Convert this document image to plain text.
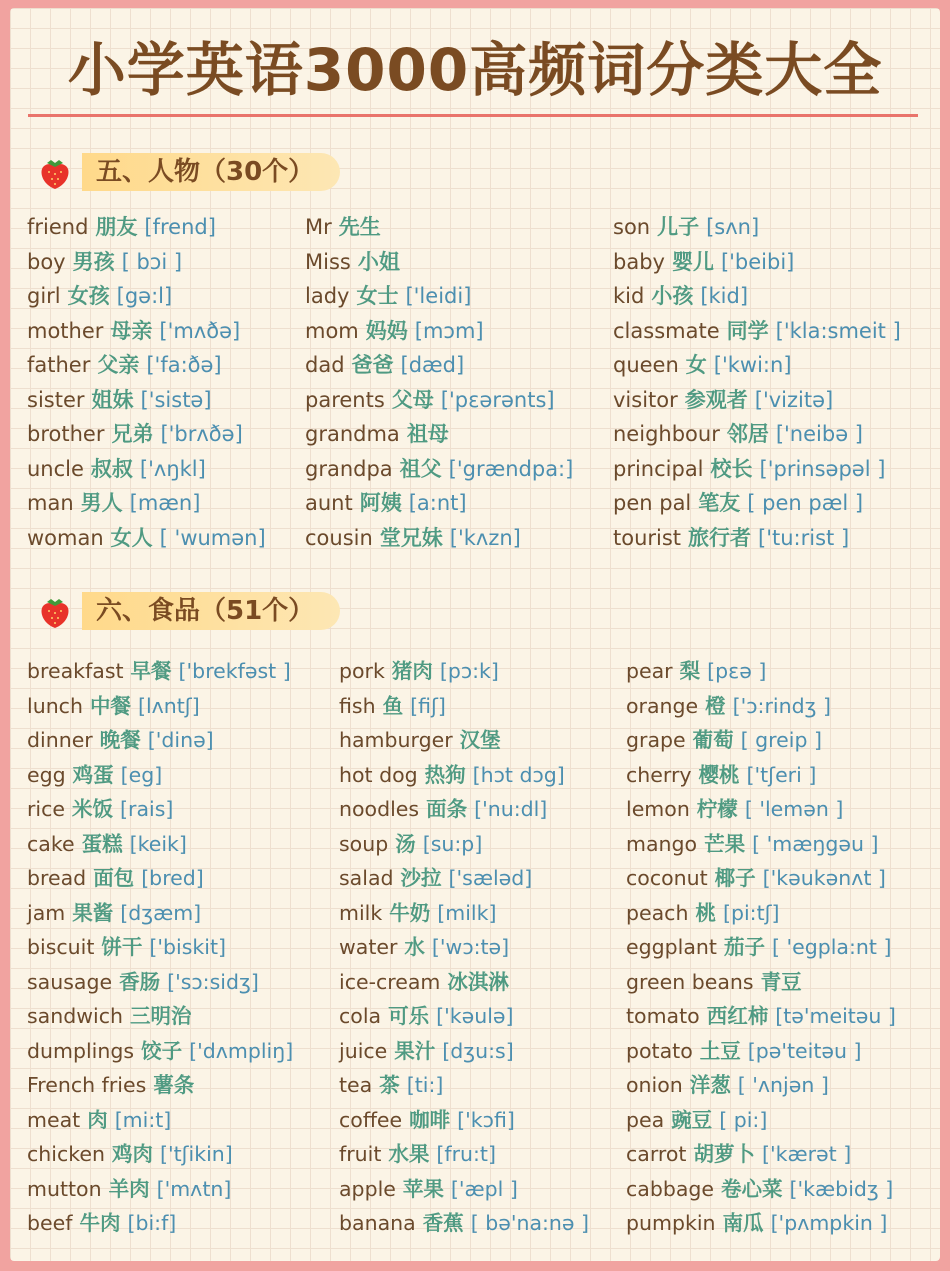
小学英语3000高频词分类大全
五、人物（30个）
friend 朋友 [frend]
boy 男孩 [ bɔi ]
girl 女孩 [gə:l]
mother 母亲 ['mʌðə]
father 父亲 ['fa:ðə]
sister 姐妹 ['sistə]
brother 兄弟 ['brʌðə]
uncle 叔叔 ['ʌŋkl]
man 男人 [mæn]
woman 女人 [ 'wumən]
Mr 先生
Miss 小姐
lady 女士 ['leidi]
mom 妈妈 [mɔm]
dad 爸爸 [dæd]
parents 父母 ['pεərənts]
grandma 祖母
grandpa 祖父 ['grændpa:]
aunt 阿姨 [a:nt]
cousin 堂兄妹 ['kʌzn]
son 儿子 [sʌn]
baby 婴儿 ['beibi]
kid 小孩 [kid]
classmate 同学 ['kla:smeit ]
queen 女 ['kwi:n]
visitor 参观者 ['vizitə]
neighbour 邻居 ['neibə ]
principal 校长 ['prinsəpəl ]
pen pal 笔友 [ pen pæl ]
tourist 旅行者 ['tu:rist ]
六、食品（51个）
breakfast 早餐 ['brekfəst ]
lunch 中餐 [lʌntʃ]
dinner 晚餐 ['dinə]
egg 鸡蛋 [eg]
rice 米饭 [rais]
cake 蛋糕 [keik]
bread 面包 [bred]
jam 果酱 [dʒæm]
biscuit 饼干 ['biskit]
sausage 香肠 ['sɔ:sidʒ]
sandwich 三明治
dumplings 饺子 ['dʌmpliŋ]
French fries 薯条
meat 肉 [mi:t]
chicken 鸡肉 ['tʃikin]
mutton 羊肉 ['mʌtn]
beef 牛肉 [bi:f]
pork 猪肉 [pɔ:k]
fish 鱼 [fiʃ]
hamburger 汉堡
hot dog 热狗 [hɔt dɔg]
noodles 面条 ['nu:dl]
soup 汤 [su:p]
salad 沙拉 ['sæləd]
milk 牛奶 [milk]
water 水 ['wɔ:tə]
ice-cream 冰淇淋
cola 可乐 ['kəulə]
juice 果汁 [dʒu:s]
tea 茶 [ti:]
coffee 咖啡 ['kɔfi]
fruit 水果 [fru:t]
apple 苹果 ['æpl ]
banana 香蕉 [ bə'na:nə ]
pear 梨 [pεə ]
orange 橙 ['ɔ:rindʒ ]
grape 葡萄 [ greip ]
cherry 樱桃 ['tʃeri ]
lemon 柠檬 [ 'lemən ]
mango 芒果 [ 'mæŋgəu ]
coconut 椰子 ['kəukənʌt ]
peach 桃 [pi:tʃ]
eggplant 茄子 [ 'egpla:nt ]
green beans 青豆
tomato 西红柿 [tə'meitəu ]
potato 土豆 [pə'teitəu ]
onion 洋葱 [ 'ʌnjən ]
pea 豌豆 [ pi:]
carrot 胡萝卜 ['kærət ]
cabbage 卷心菜 ['kæbidʒ ]
pumpkin 南瓜 ['pʌmpkin ]
